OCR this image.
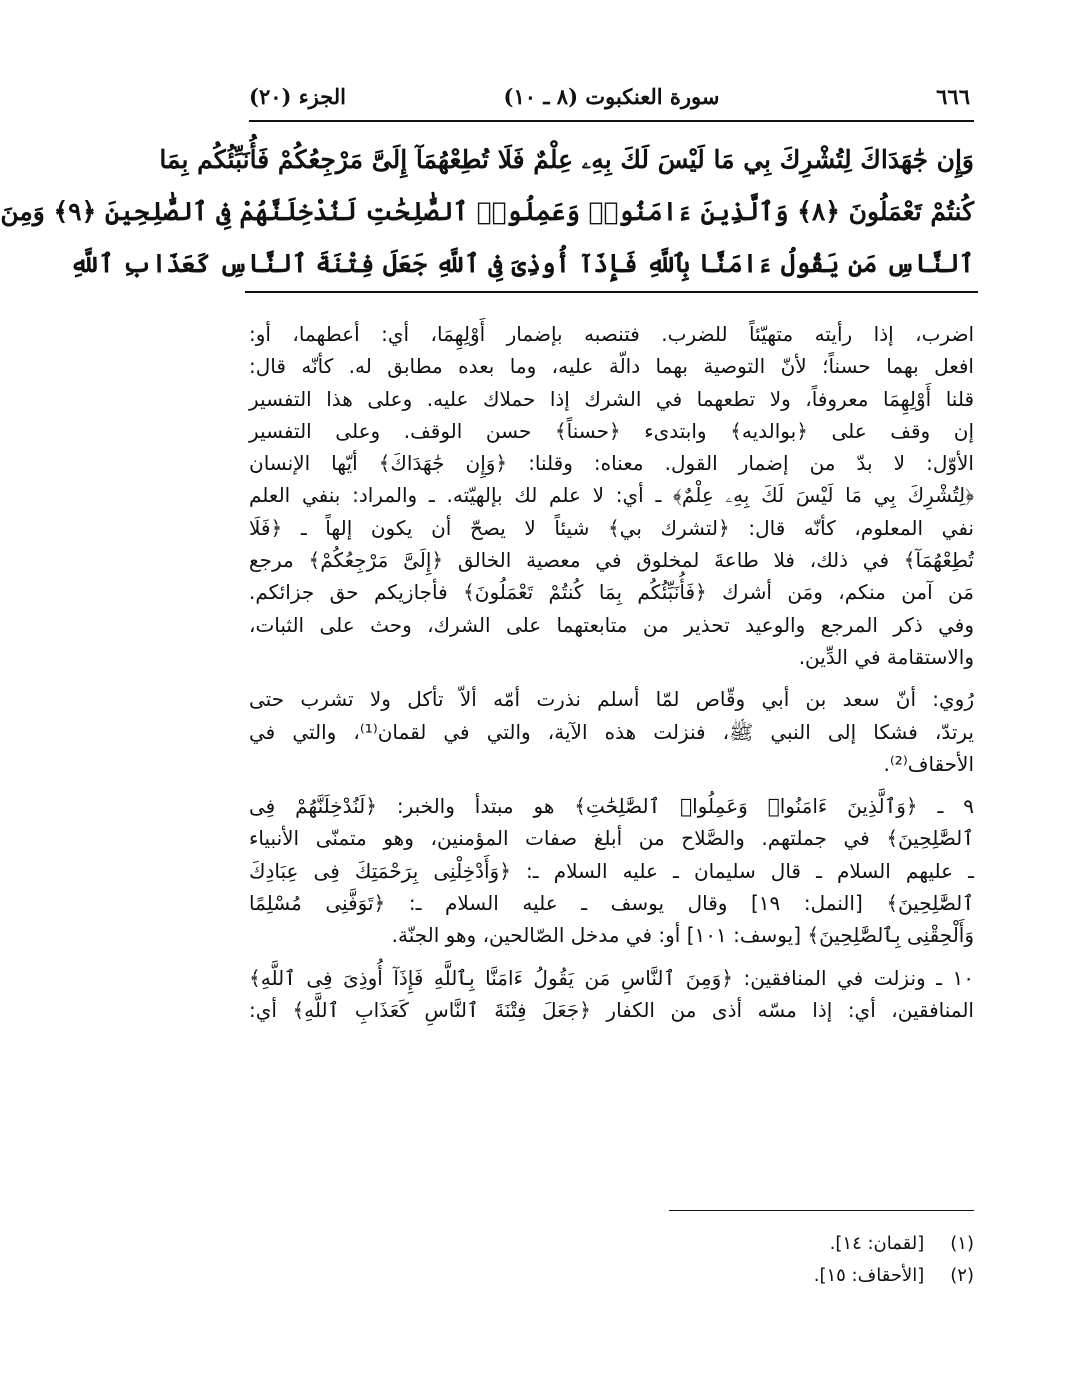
٦٦٦
سورة العنكبوت (٨ ـ ١٠)
الجزء (٢٠)
وَإِن جَٰهَدَاكَ لِتُشْرِكَ بِي مَا لَيْسَ لَكَ بِهِۦ عِلْمٌ فَلَا تُطِعْهُمَآ إِلَىَّ مَرْجِعُكُمْ فَأُنَبِّئُكُم بِمَا
كُنتُمْ تَعْمَلُونَ ﴿٨﴾ وَٱلَّذِينَ ءَامَنُوا۟ وَعَمِلُوا۟ ٱلصَّٰلِحَٰتِ لَنُدْخِلَنَّهُمْ فِى ٱلصَّٰلِحِينَ ﴿٩﴾ وَمِنَ
ٱلنَّاسِ مَن يَقُولُ ءَامَنَّا بِٱللَّهِ فَإِذَآ أُوذِىَ فِى ٱللَّهِ جَعَلَ فِتْنَةَ ٱلنَّاسِ كَعَذَابِ ٱللَّهِ
اضرب، إذا رأيته متهيّئاً للضرب. فتنصبه بإضمار أَوْلِهِمَا، أي: أعطهما، أو:
افعل بهما حسناً؛ لأنّ التوصية بهما دالّة عليه، وما بعده مطابق له. كأنّه قال:
قلنا أَوْلِهِمَا معروفاً، ولا تطعهما في الشرك إذا حملاك عليه. وعلى هذا التفسير
إن وقف على ﴿بوالديه﴾ وابتدىء ﴿حسناً﴾ حسن الوقف. وعلى التفسير
الأوّل: لا بدّ من إضمار القول. معناه: وقلنا: ﴿وَإِن جَٰهَدَاكَ﴾ أيّها الإنسان
﴿لِتُشْرِكَ بِي مَا لَيْسَ لَكَ بِهِۦ عِلْمٌ﴾ ـ أي: لا علم لك بإلهيّته. ـ والمراد: بنفي العلم
نفي المعلوم، كأنّه قال: ﴿لتشرك بي﴾ شيئاً لا يصحّ أن يكون إلهاً ـ ﴿فَلَا
تُطِعْهُمَآ﴾ في ذلك، فلا طاعةَ لمخلوق في معصية الخالق ﴿إِلَىَّ مَرْجِعُكُمْ﴾ مرجع
مَن آمن منكم، ومَن أشرك ﴿فَأُنَبِّئُكُم بِمَا كُنتُمْ تَعْمَلُونَ﴾ فأجازيكم حق جزائكم.
وفي ذكر المرجع والوعيد تحذير من متابعتهما على الشرك، وحث على الثبات،
والاستقامة في الدِّين.
رُوي: أنّ سعد بن أبي وقّاص لمّا أسلم نذرت أمّه ألاّ تأكل ولا تشرب حتى
يرتدّ، فشكا إلى النبي ﷺ، فنزلت هذه الآية، والتي في لقمان⁽¹⁾، والتي في
الأحقاف⁽²⁾.
٩ ـ ﴿وَٱلَّذِينَ ءَامَنُوا۟ وَعَمِلُوا۟ ٱلصَّٰلِحَٰتِ﴾ هو مبتدأ والخبر: ﴿لَنُدْخِلَنَّهُمْ فِى
ٱلصَّٰلِحِينَ﴾ في جملتهم. والصَّلاح من أبلغ صفات المؤمنين، وهو متمنّى الأنبياء
ـ عليهم السلام ـ قال سليمان ـ عليه السلام ـ: ﴿وَأَدْخِلْنِى بِرَحْمَتِكَ فِى عِبَادِكَ
ٱلصَّٰلِحِينَ﴾ [النمل: ١٩] وقال يوسف ـ عليه السلام ـ: ﴿تَوَفَّنِى مُسْلِمًا
وَأَلْحِقْنِى بِٱلصَّٰلِحِينَ﴾ [يوسف: ١٠١] أو: في مدخل الصّالحين، وهو الجنّة.
١٠ ـ ونزلت في المنافقين: ﴿وَمِنَ ٱلنَّاسِ مَن يَقُولُ ءَامَنَّا بِٱللَّهِ فَإِذَآ أُوذِىَ فِى ٱللَّهِ﴾
المنافقين، أي: إذا مسّه أذى من الكفار ﴿جَعَلَ فِتْنَةَ ٱلنَّاسِ كَعَذَابِ ٱللَّهِ﴾ أي:
(١) [لقمان: ١٤].
(٢) [الأحقاف: ١٥].
